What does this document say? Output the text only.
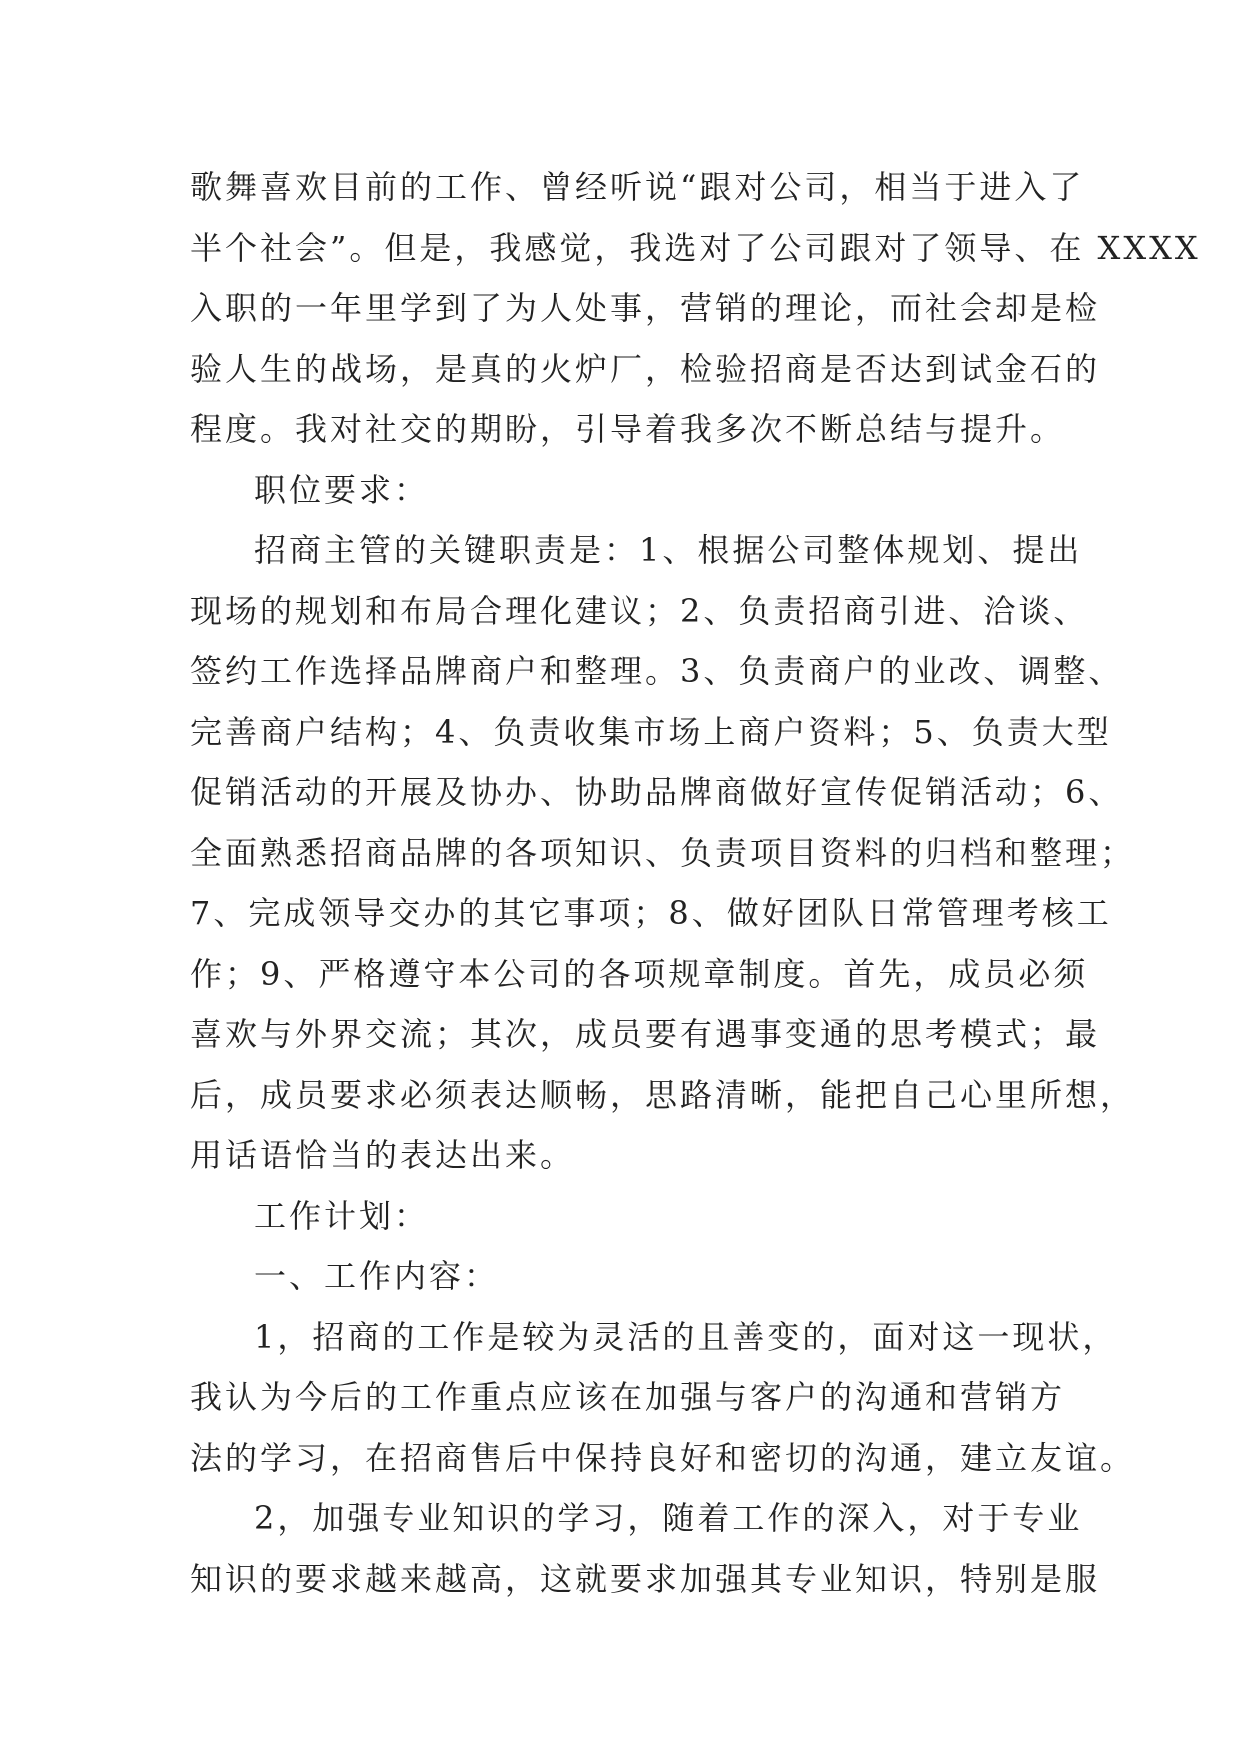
歌舞喜欢目前的工作、曾经听说“跟对公司，相当于进入了
半个社会”。但是，我感觉，我选对了公司跟对了领导、在 XXXX
入职的一年里学到了为人处事，营销的理论，而社会却是检
验人生的战场，是真的火炉厂，检验招商是否达到试金石的
程度。我对社交的期盼，引导着我多次不断总结与提升。
职位要求：
招商主管的关键职责是：1、根据公司整体规划、提出
现场的规划和布局合理化建议；2、负责招商引进、洽谈、
签约工作选择品牌商户和整理。3、负责商户的业改、调整、
完善商户结构；4、负责收集市场上商户资料；5、负责大型
促销活动的开展及协办、协助品牌商做好宣传促销活动；6、
全面熟悉招商品牌的各项知识、负责项目资料的归档和整理；
7、完成领导交办的其它事项；8、做好团队日常管理考核工
作；9、严格遵守本公司的各项规章制度。首先，成员必须
喜欢与外界交流；其次，成员要有遇事变通的思考模式；最
后，成员要求必须表达顺畅，思路清晰，能把自己心里所想，
用话语恰当的表达出来。
工作计划：
一、工作内容：
1，招商的工作是较为灵活的且善变的，面对这一现状，
我认为今后的工作重点应该在加强与客户的沟通和营销方
法的学习，在招商售后中保持良好和密切的沟通，建立友谊。
2，加强专业知识的学习，随着工作的深入，对于专业
知识的要求越来越高，这就要求加强其专业知识，特别是服
